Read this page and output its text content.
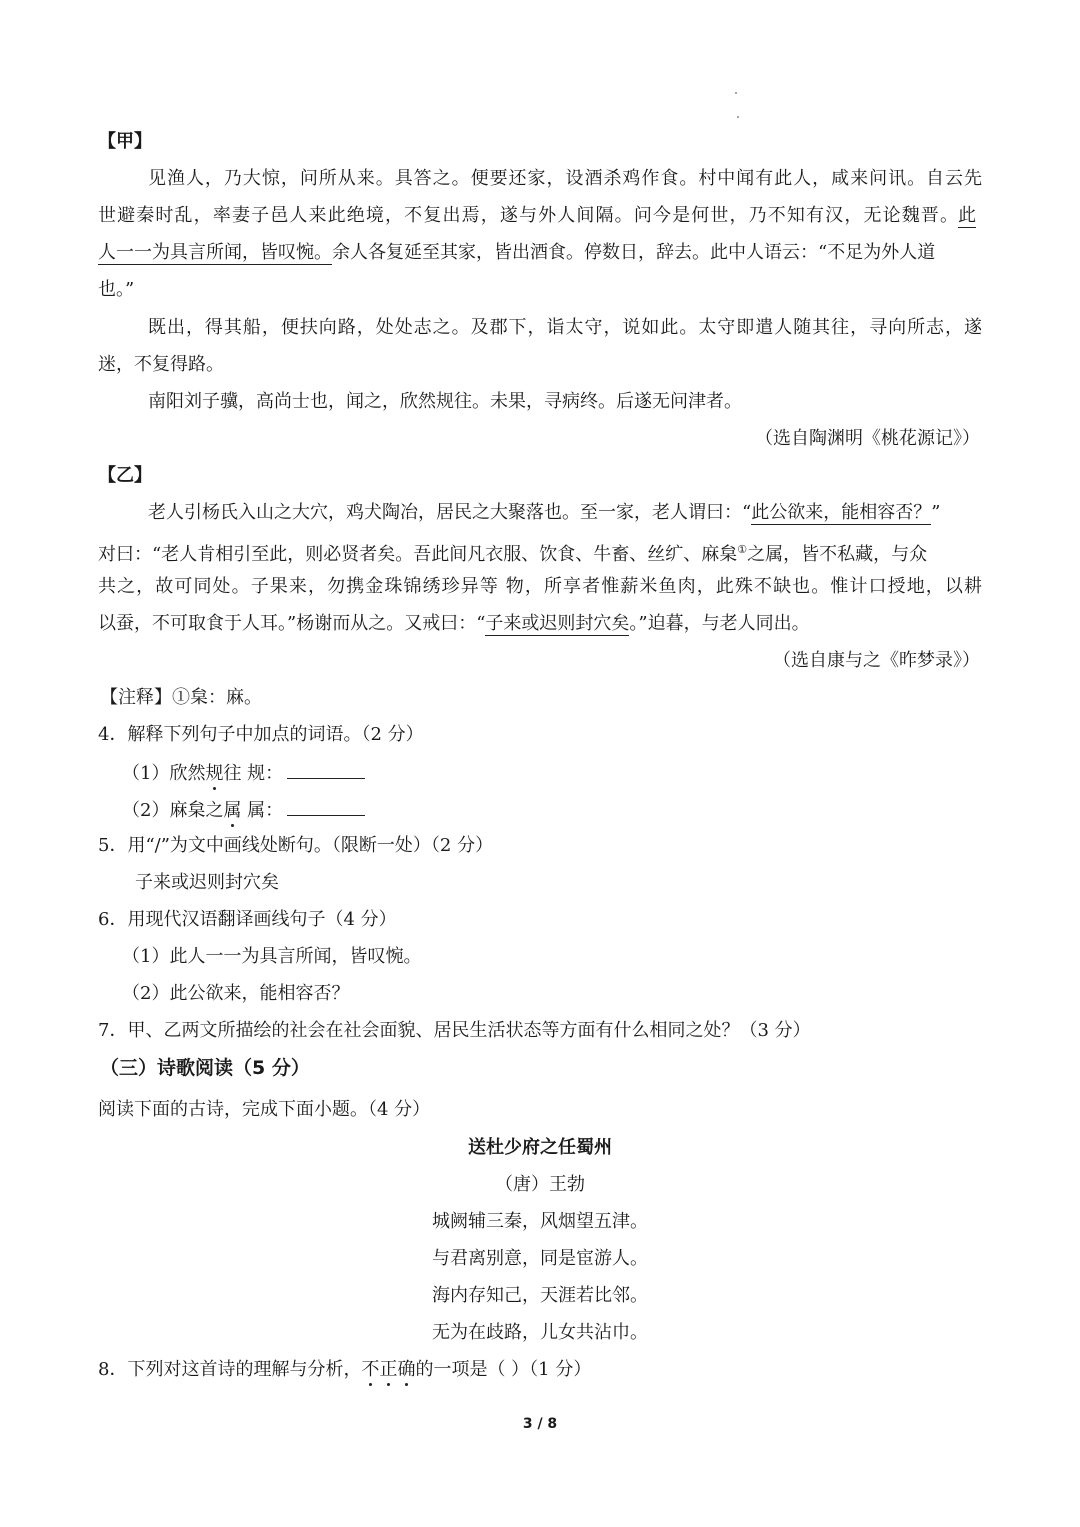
【甲】
见渔人，乃大惊，问所从来。具答之。便要还家，设酒杀鸡作食。村中闻有此人，咸来问讯。自云先
世避秦时乱，率妻子邑人来此绝境，不复出焉，遂与外人间隔。问今是何世，乃不知有汉，无论魏晋。此
人一一为具言所闻，皆叹惋。余人各复延至其家，皆出酒食。停数日，辞去。此中人语云：“不足为外人道
也。”
既出，得其船，便扶向路，处处志之。及郡下，诣太守，说如此。太守即遣人随其往，寻向所志，遂
迷，不复得路。
南阳刘子骥，高尚士也，闻之，欣然规往。未果，寻病终。后遂无问津者。
（选自陶渊明《桃花源记》）
【乙】
老人引杨氏入山之大穴，鸡犬陶冶，居民之大聚落也。至一家，老人谓曰：“此公欲来，能相容否？”
对曰：“老人肯相引至此，则必贤者矣。吾此间凡衣服、饮食、牛畜、丝纩、麻枲①之属，皆不私藏，与众
共之，故可同处。子果来，勿携金珠锦绣珍异等 物，所享者惟薪米鱼肉，此殊不缺也。惟计口授地，以耕
以蚕，不可取食于人耳。”杨谢而从之。又戒曰：“子来或迟则封穴矣。”迫暮，与老人同出。
（选自康与之《昨梦录》）
【注释】①枲：麻。
4．解释下列句子中加点的词语。（2 分）
（1）欣然规往 规：
（2）麻枲之属 属：
5．用“/”为文中画线处断句。（限断一处）（2 分）
子来或迟则封穴矣
6．用现代汉语翻译画线句子（4 分）
（1）此人一一为具言所闻，皆叹惋。
（2）此公欲来，能相容否？
7．甲、乙两文所描绘的社会在社会面貌、居民生活状态等方面有什么相同之处？（3 分）
（三）诗歌阅读（5 分）
阅读下面的古诗，完成下面小题。（4 分）
送杜少府之任蜀州
（唐）王勃
城阙辅三秦，风烟望五津。
与君离别意，同是宦游人。
海内存知己，天涯若比邻。
无为在歧路，儿女共沾巾。
8．下列对这首诗的理解与分析，不正确的一项是（ ）（1 分）
3 / 8
